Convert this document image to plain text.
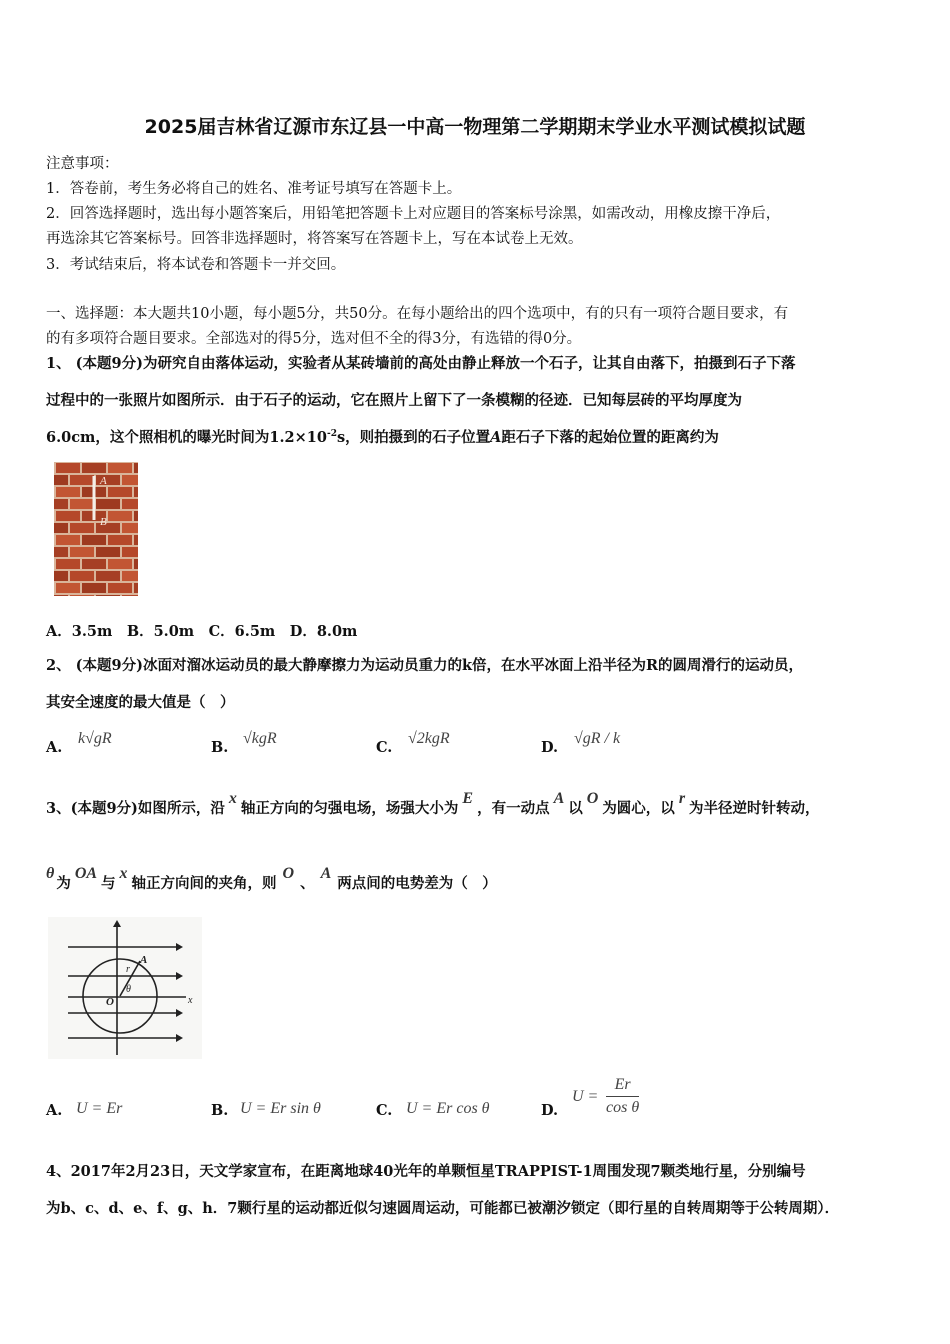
2025届吉林省辽源市东辽县一中高一物理第二学期期末学业水平测试模拟试题
注意事项：
1．答卷前，考生务必将自己的姓名、准考证号填写在答题卡上。
2．回答选择题时，选出每小题答案后，用铅笔把答题卡上对应题目的答案标号涂黑，如需改动，用橡皮擦干净后，
再选涂其它答案标号。回答非选择题时，将答案写在答题卡上，写在本试卷上无效。
3．考试结束后，将本试卷和答题卡一并交回。
一、选择题：本大题共10小题，每小题5分，共50分。在每小题给出的四个选项中，有的只有一项符合题目要求，有
的有多项符合题目要求。全部选对的得5分，选对但不全的得3分，有选错的得0分。
1、 (本题9分)为研究自由落体运动，实验者从某砖墙前的高处由静止释放一个石子，让其自由落下，拍摄到石子下落
过程中的一张照片如图所示．由于石子的运动，它在照片上留下了一条模糊的径迹．已知每层砖的平均厚度为
6.0cm，这个照相机的曝光时间为$1.2\times 10^{-2}s$，则拍摄到的石子位置A距石子下落的起始位置的距离约为
A
B
A．3.5m　B．5.0m　C．6.5m　D．8.0m
2、 (本题9分)冰面对溜冰运动员的最大静摩擦力为运动员重力的k倍，在水平冰面上沿半径为R的圆周滑行的运动员，
其安全速度的最大值是（　）
A.
k√gR
B.
√kgR
C.
√2kgR
D.
√gR / k
3、(本题9分)如图所示，沿x轴正方向的匀强电场，场强大小为E，有一动点A以O为圆心，以r为半径逆时针转动，
θ为OA与x轴正方向间的夹角，则O、A两点间的电势差为（　）
A
r
θ
O	x
A. U = Er	B. U = Er sin θ	C. U = Er cos θ	D.
$U = \frac{Er}{\text{cos θ}}$
4、2017年2月23日，天文学家宣布，在距离地球40光年的单颗恒星TRAPPIST-1周围发现7颗类地行星，分别编号
为b、c、d、e、f、g、h．7颗行星的运动都近似匀速圆周运动，可能都已被潮汐锁定（即行星的自转周期等于公转周期）．
